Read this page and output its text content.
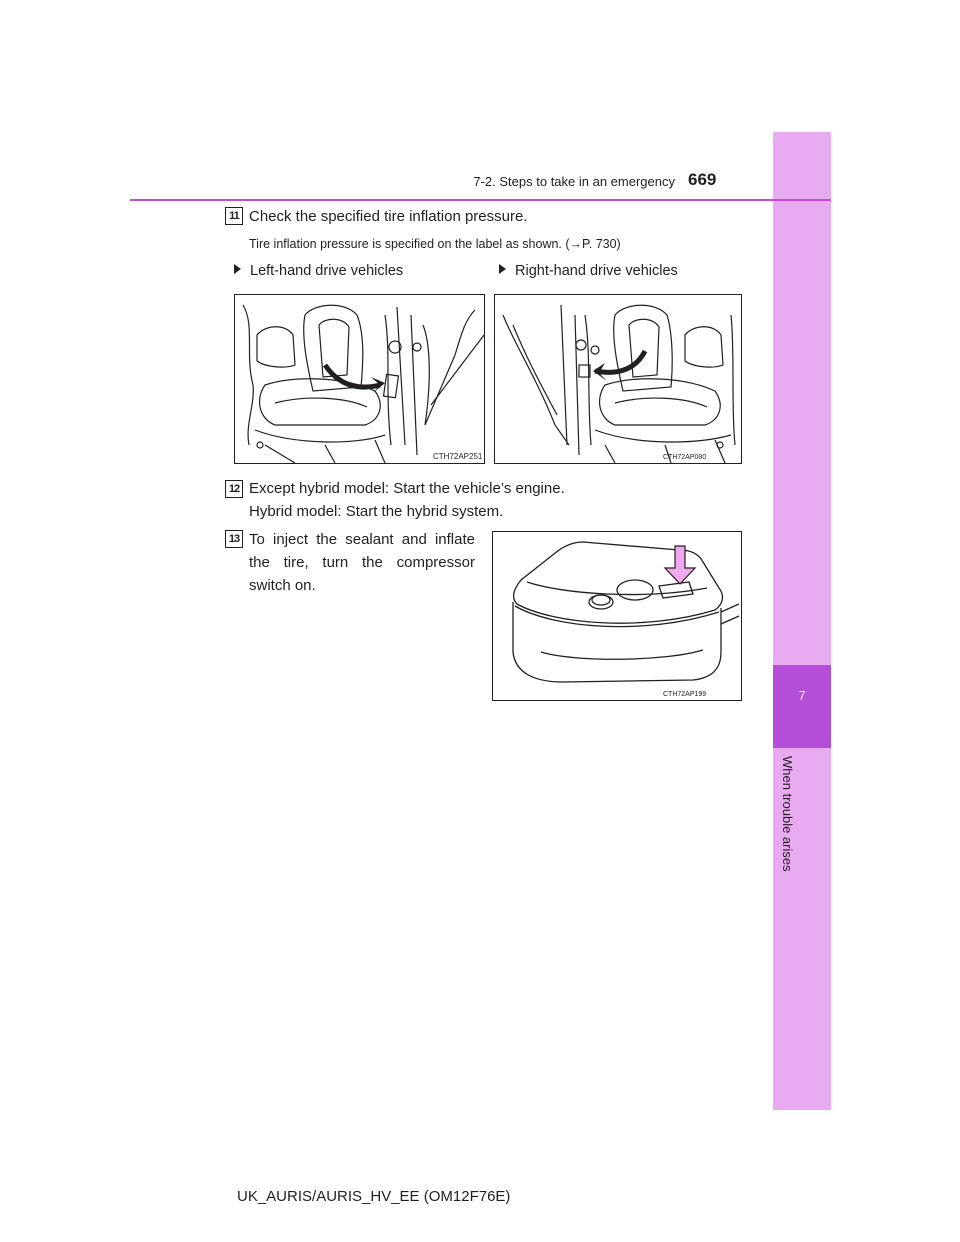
7
When trouble arises
7-2. Steps to take in an emergency 669
11 Check the specified tire inflation pressure.
Tire inflation pressure is specified on the label as shown. (→P. 730)
Left-hand drive vehicles	Right-hand drive vehicles
CTH72AP251	CTH72AP080
12 Except hybrid model: Start the vehicle’s engine.
Hybrid model: Start the hybrid system.
13 To inject the sealant and inflate the tire, turn the compressor switch on.
CTH72AP199
UK_AURIS/AURIS_HV_EE (OM12F76E)
